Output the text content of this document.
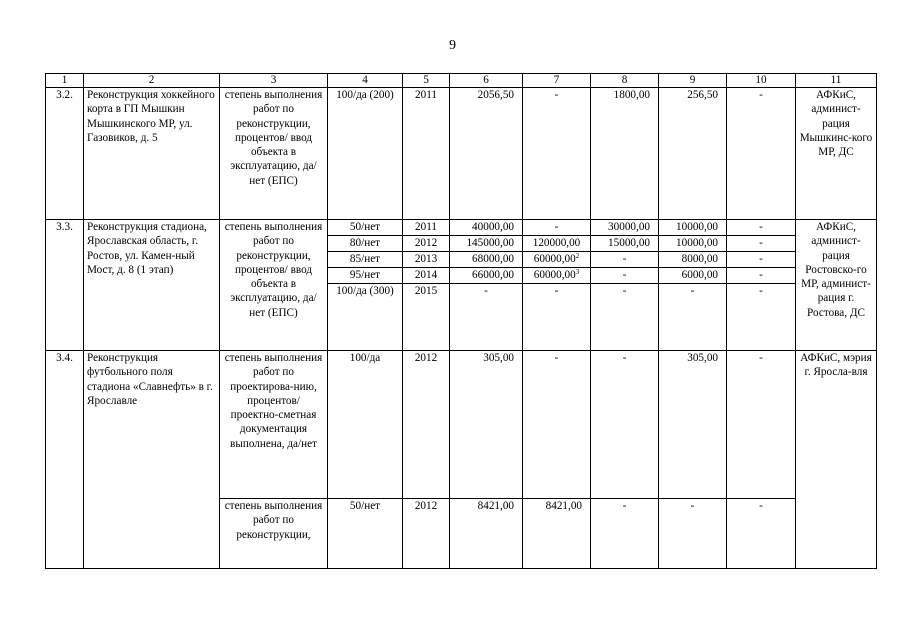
9
1	2	3	4	5	6	7	8	9	10	11
3.2.	Реконструкция хоккейного корта в ГП Мышкин Мышкинского МР, ул. Газовиков, д. 5	степень выполнения работ по реконструкции, процентов/ ввод объекта в эксплуатацию, да/нет (ЕПС)	100/да (200)	2011	2056,50	-	1800,00	256,50	-	АФКиС, админист-рация Мышкинс-кого МР, ДС
3.3.	Реконструкция стадиона, Ярославская область, г. Ростов, ул. Камен-ный Мост, д. 8 (1 этап)	степень выполнения работ по реконструкции, процентов/ ввод объекта в эксплуатацию, да/нет (ЕПС)	50/нет	2011	40000,00	-	30000,00	10000,00	-	АФКиС, админист-рация Ростовско-го МР, админист-рация г. Ростова, ДС
			80/нет	2012	145000,00	120000,00	15000,00	10000,00	-	
			85/нет	2013	68000,00	60000,00$^2$	-	8000,00	-	
			95/нет	2014	66000,00	60000,00$^3$	-	6000,00	-	
			100/да (300)	2015	-	-	-	-	-	
3.4.	Реконструкция футбольного поля стадиона «Славнефть» в г. Ярославле	степень выполнения работ по проектирова-нию, процентов/ проектно-сметная документация выполнена, да/нет	100/да	2012	305,00	-	-	305,00	-	АФКиС, мэрия г. Яросла-вля
		степень выполнения работ по реконструкции,	50/нет	2012	8421,00	8421,00	-	-	-	
